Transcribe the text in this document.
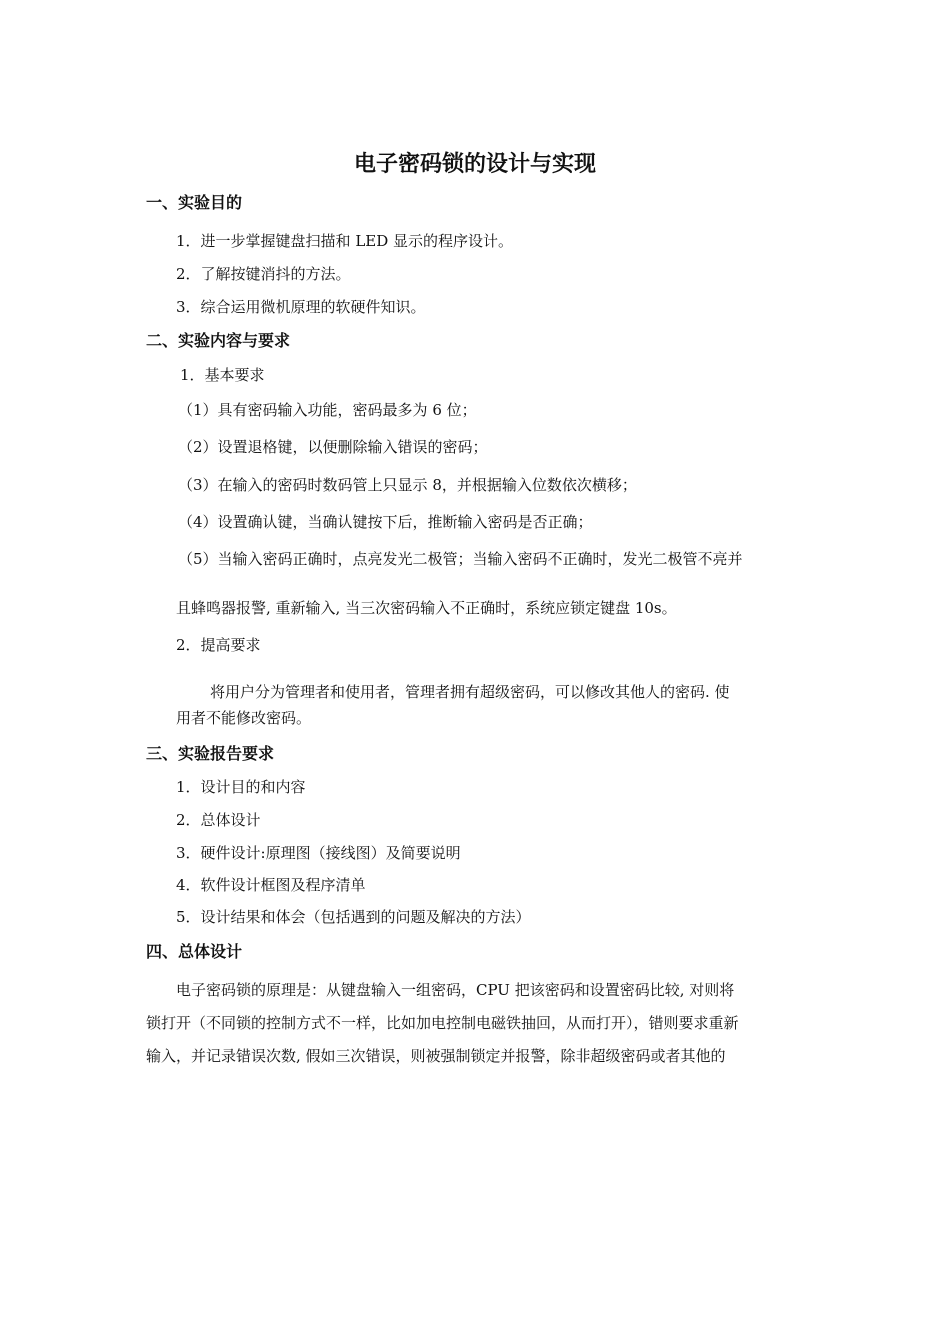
电子密码锁的设计与实现
一、实验目的
1．进一步掌握键盘扫描和 LED 显示的程序设计。
2．了解按键消抖的方法。
3．综合运用微机原理的软硬件知识。
二、实验内容与要求
1．基本要求
（1）具有密码输入功能，密码最多为 6 位；
（2）设置退格键，以便删除输入错误的密码；
（3）在输入的密码时数码管上只显示 8，并根据输入位数依次横移；
（4）设置确认键，当确认键按下后，推断输入密码是否正确；
（5）当输入密码正确时，点亮发光二极管；当输入密码不正确时，发光二极管不亮并
且蜂鸣器报警, 重新输入, 当三次密码输入不正确时，系统应锁定键盘 10s。
2．提高要求
将用户分为管理者和使用者，管理者拥有超级密码，可以修改其他人的密码. 使
用者不能修改密码。
三、实验报告要求
1．设计目的和内容
2．总体设计
3．硬件设计:原理图（接线图）及简要说明
4．软件设计框图及程序清单
5．设计结果和体会（包括遇到的问题及解决的方法）
四、总体设计
电子密码锁的原理是：从键盘输入一组密码，CPU 把该密码和设置密码比较, 对则将
锁打开（不同锁的控制方式不一样，比如加电控制电磁铁抽回，从而打开），错则要求重新
输入，并记录错误次数, 假如三次错误，则被强制锁定并报警，除非超级密码或者其他的
